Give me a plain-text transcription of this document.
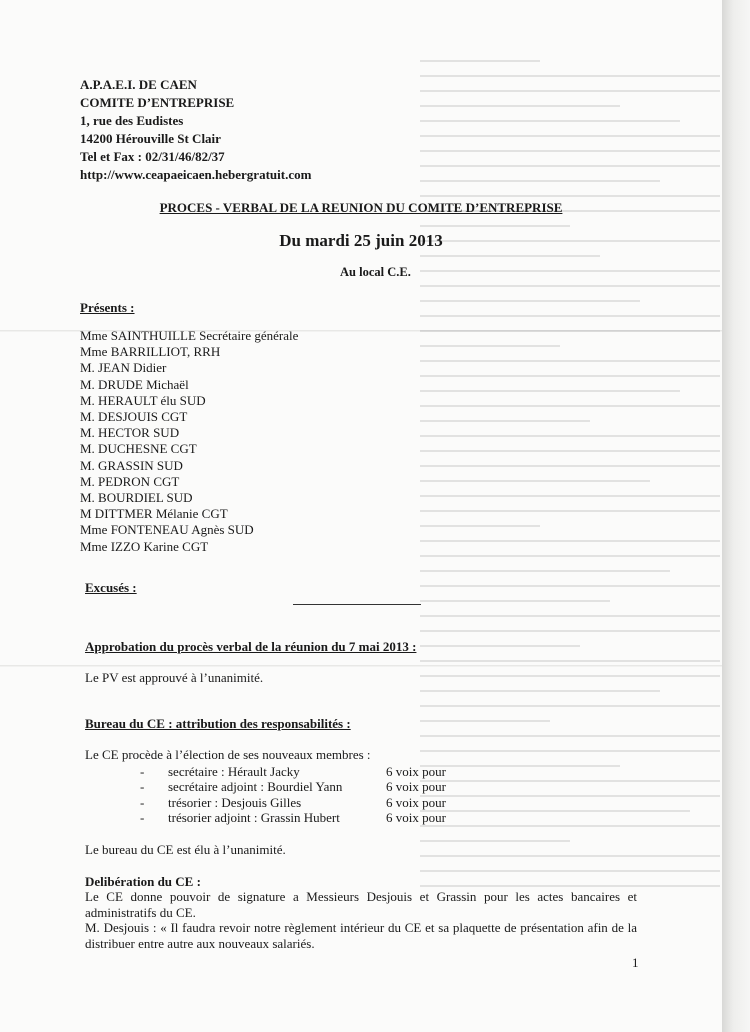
A.P.A.E.I. DE CAEN
COMITE D’ENTREPRISE
1, rue des Eudistes
14200 Hérouville St Clair
Tel et Fax : 02/31/46/82/37
http://www.ceapaeicaen.hebergratuit.com
PROCES - VERBAL DE LA REUNION DU COMITE D’ENTREPRISE
Du mardi 25 juin 2013
Au local C.E.
Présents :
Mme SAINTHUILLE Secrétaire générale
Mme BARRILLIOT, RRH
M. JEAN Didier
M. DRUDE Michaël
M. HERAULT élu SUD
M. DESJOUIS CGT
M. HECTOR SUD
M. DUCHESNE CGT
M. GRASSIN SUD
M. PEDRON CGT
M. BOURDIEL SUD
M DITTMER Mélanie CGT
Mme FONTENEAU Agnès SUD
Mme IZZO Karine CGT
Excusés :
Approbation du procès verbal de la réunion du 7 mai 2013 :
Le PV est approuvé à l’unanimité.
Bureau du CE : attribution des responsabilités :
Le CE procède à l’élection de ses nouveaux membres :
-	secrétaire : Hérault Jacky	6 voix pour
-	secrétaire adjoint : Bourdiel Yann	6 voix pour
-	trésorier : Desjouis Gilles	6 voix pour
-	trésorier adjoint : Grassin Hubert	6 voix pour
Le bureau du CE est élu à l’unanimité.
Delibération du CE :
Le CE donne pouvoir de signature a Messieurs Desjouis et Grassin pour les actes bancaires et administratifs du CE.
M. Desjouis : « Il faudra revoir notre règlement intérieur du CE et sa plaquette de présentation afin de la distribuer entre autre aux nouveaux salariés.
1
